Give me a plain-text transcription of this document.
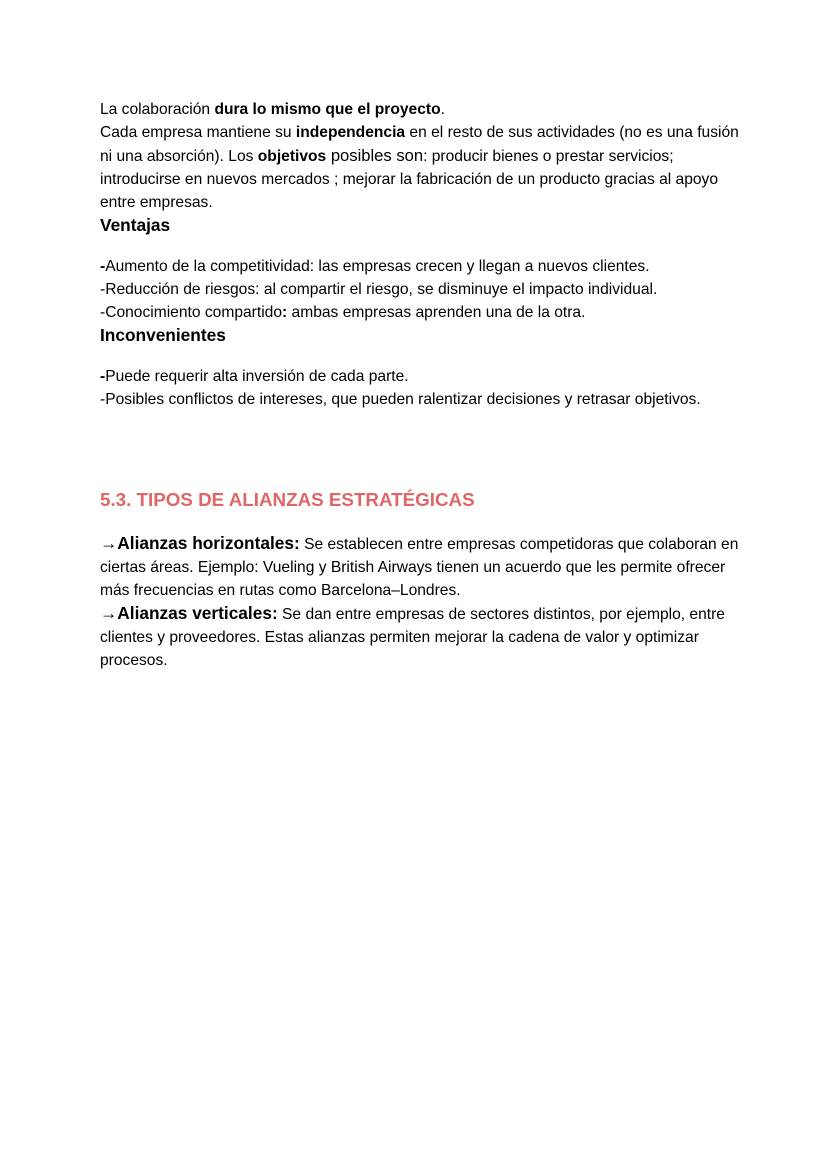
La colaboración dura lo mismo que el proyecto.

Cada empresa mantiene su independencia en el resto de sus actividades (no es una fusión ni una absorción). Los objetivos posibles son: producir bienes o prestar servicios; introducirse en nuevos mercados ; mejorar la fabricación de un producto gracias al apoyo entre empresas.

Ventajas

-Aumento de la competitividad: las empresas crecen y llegan a nuevos clientes.

-Reducción de riesgos: al compartir el riesgo, se disminuye el impacto individual.

-Conocimiento compartido: ambas empresas aprenden una de la otra.

Inconvenientes

-Puede requerir alta inversión de cada parte.

-Posibles conflictos de intereses, que pueden ralentizar decisiones y retrasar objetivos.

5.3. TIPOS DE ALIANZAS ESTRATÉGICAS

→Alianzas horizontales: Se establecen entre empresas competidoras que colaboran en ciertas áreas. Ejemplo: Vueling y British Airways tienen un acuerdo que les permite ofrecer más frecuencias en rutas como Barcelona–Londres.

→Alianzas verticales: Se dan entre empresas de sectores distintos, por ejemplo, entre clientes y proveedores. Estas alianzas permiten mejorar la cadena de valor y optimizar procesos.
